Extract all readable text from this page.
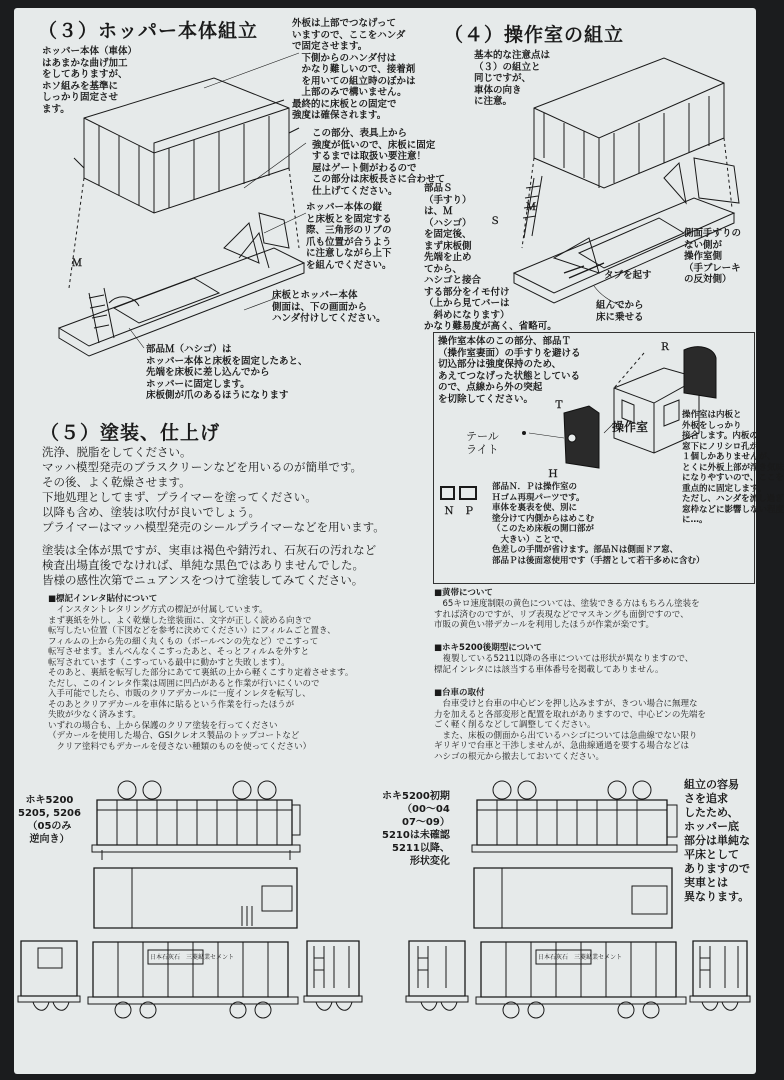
（３）ホッパー本体組立
ホッパー本体（車体）
はあまかな曲げ加工
をしてありますが、
ホソ組みを基準に
しっかり固定させ
ます。
外板は上部でつなげって
いますので、ここをハンダ
で固定させます。
　下側からのハンダ付は
　かなり難しいので、接着剤
　を用いての組立時のぼかは
　上部のみで構いません。
最終的に床板との固定で
強度は確保されます。
この部分、表具上から
強度が低いので、床板に固定
するまでは取扱い要注意！
屋はゲート側がわるので
この部分は床板長さに合わせて
仕上げてください。
ホッパー本体の縦
と床板とを固定する
際、三角形のリブの
爪も位置が合うよう
に注意しながら上下
を組んでください。
床板とホッパー本体
側面は、下の画面から
ハンダ付けしてください。
部品Ｍ（ハシゴ）は
ホッパー本体と床板を固定したあと、
先端を床板に差し込んでから
ホッパーに固定します。
床板側が爪のあるほうになります
Ｍ
（４）操作室の組立
基本的な注意点は
（３）の組立と
同じですが、
車体の向き
に注意。
部品Ｓ
（手すり）
は、Ｍ
（ハシゴ）
を固定後、
まず床板側
先端を止め
てから、
ハシゴと接合
する部分をイモ付け
（上から見てバーは
　斜めになります）
かなり難易度が高く、省略可。
側面手すりの
ない側が
操作室側
（手ブレーキ
の反対側）
タブを起す
組んでから
床に乗せる
Ｓ
Ｍ
操作室本体のこの部分、部品Ｔ
（操作室妻面）の手すりを避ける
切込部分は強度保持のため、
あえてつなげった状態としている
ので、点線から外の突起
を切除してください。
Ｒ
Ｔ
Ｈ
テール
ライト
操作室
操作室は内板と
外板をしっかり
接合します。内板の
窓下にノリシロ孔が
１個しかありませんが、
とくに外板上部が浮き気味
になりやすいので、ここを
重点的に固定します。
ただし、ハンダを流し過ぎ
窓枠などに影響しない程度
に…。
部品Ｎ．Ｐは操作室の
Ｈゴム再現パーツです。
車体を裏表を使、別に
塗分けて内側からはめこむ
（このため床板の開口部が
　大きい）ことで、
色差しの手間が省けます。部品Ｎは側面ドア窓、
部品Ｐは後面窓使用です（手摺として若干多めに含む）
Ｎ Ｐ
（５）塗装、仕上げ
洗浄、脱脂をしてください。
マッハ模型発売のブラスクリーンなどを用いるのが簡単です。
その後、よく乾燥させます。
下地処理としてまず、プライマーを塗ってください。
以降も含め、塗装は吹付が良いでしょう。
プライマーはマッハ模型発売のシールプライマーなどを用います。
塗装は全体が黒ですが、実車は褐色や錆汚れ、石灰石の汚れなど
検査出場直後でなければ、単純な黒色ではありませんでした。
皆様の感性次第でニュアンスをつけて塗装してみてください。
■標記インレタ貼付について
　インスタントレタリング方式の標記が付属しています。
まず裏紙を外し、よく乾燥した塗装面に、文字が正しく読める向きで
転写したい位置（下図などを参考に決めてください）にフィルムごと置き、
フィルムの上から先の細く丸くもの（ボールペンの先など）でこすって
転写させます。まんべんなくこすったあと、そっとフィルムを外すと
転写されています（こすっている最中に動かすと失敗します）。
そのあと、裏紙を転写した部分にあてて裏紙の上から軽くこすり定着させます。
ただし、このインレタ作業は周囲に凹凸があると作業が行いにくいので
入手可能でしたら、市販のクリアデカールに一度インレタを転写し、
そのあとクリアデカールを車体に貼るという作業を行ったほうが
失敗が少なく済みます。
いずれの場合も、上から保護のクリア塗装を行ってください
（デカールを使用した場合、GSIクレオス製品のトップコートなど
　クリア塗料でもデカールを侵さない種類のものを使ってください）
■黄帯について
　65キロ速度制限の黄色については、塗装できる方はもちろん塗装を
すれば済むのですが、リブ表現などでマスキングも面倒ですので、
市販の黄色い帯デカールを利用したほうが作業が楽です。
■ホキ5200後期型について
　複製している5211以降の各車については形状が異なりますので、
標記インレタには該当する車体番号を掲載してありません。
■台車の取付
　台車受けと台車の中心ピンを押し込みますが、きつい場合に無理な
力を加えると各部変形と配置を取れがありますので、中心ピンの先端を
ごく軽く削るなどして調整してください。
　また、床板の側面から出ているハシゴについては急曲線でない限り
ギリギリで台車と干渉しませんが、急曲線通過を要する場合などは
ハシゴの根元から撤去しておいてください。
ホキ5200
5205, 5206
（05のみ
逆向き）
ホキ5200初期
（00～04
07～09）
5210は未確認
5211以降、
形状変化
組立の容易
さを追求
したため、
ホッパー底
部分は単純な
平床として
ありますので
実車とは
異なります。
日本石灰石　三菱鉱業セメント	日本石灰石　三菱鉱業セメント
